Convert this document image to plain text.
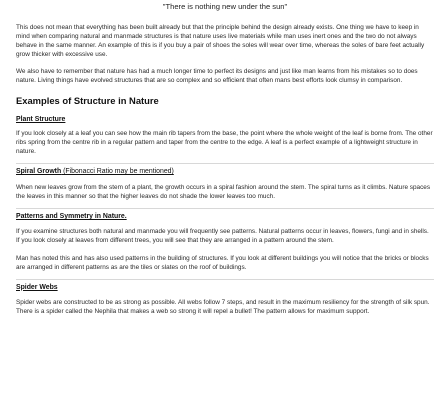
"There is nothing new under the sun"

This does not mean that everything has been built already but that the principle behind the design already exists. One thing we have to keep in mind when comparing natural and manmade structures is that nature uses live materials while man uses inert ones and the two do not always behave in the same manner. An example of this is if you buy a pair of shoes the soles will wear over time, whereas the soles of bare feet actually grow thicker with excessive use.

We also have to remember that nature has had a much longer time to perfect its designs and just like man learns from his mistakes so to does nature. Living things have evolved structures that are so complex and so efficient that often mans best efforts look clumsy in comparison.

Examples of Structure in Nature
Plant Structure

If you look closely at a leaf you can see how the main rib tapers from the base, the point where the whole weight of the leaf is borne from. The other ribs spring from the centre rib in a regular pattern and taper from the centre to the edge. A leaf is a perfect example of a lightweight structure in nature.

Spiral Growth (Fibonacci Ratio may be mentioned)

When new leaves grow from the stem of a plant, the growth occurs in a spiral fashion around the stem. The spiral turns as it climbs. Nature spaces the leaves in this manner so that the higher leaves do not shade the lower leaves too much.

Patterns and Symmetry in Nature.

If you examine structures both natural and manmade you will frequently see patterns. Natural patterns occur in leaves, flowers, fungi and in shells. If you look closely at leaves from different trees, you will see that they are arranged in a pattern around the stem.

Man has noted this and has also used patterns in the building of structures. If you look at different buildings you will notice that the bricks or blocks are arranged in different patterns as are the tiles or slates on the roof of buildings.

Spider Webs

Spider webs are constructed to be as strong as possible. All webs follow 7 steps, and result in the maximum resiliency for the strength of silk spun. There is a spider called the Nephila that makes a web so strong it will repel a bullet! The pattern allows for maximum support.
